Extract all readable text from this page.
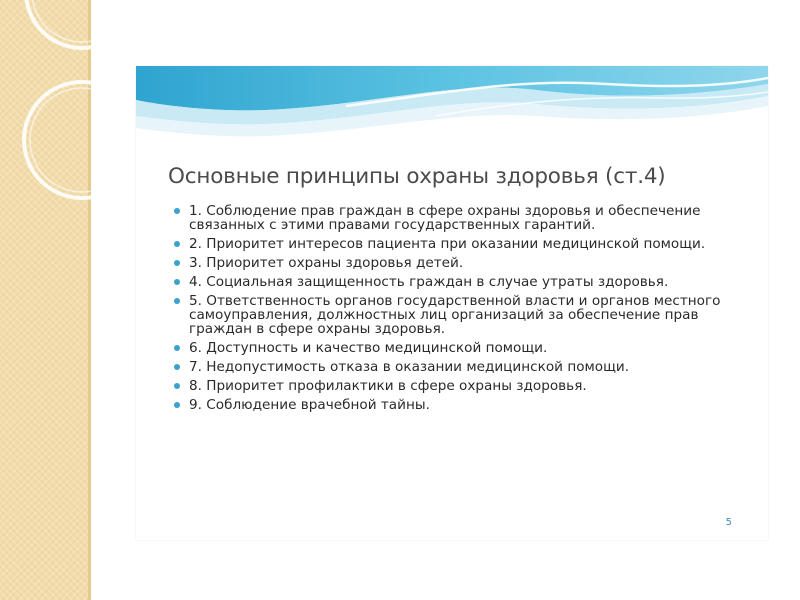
Основные принципы охраны здоровья (ст.4)
1. Соблюдение прав граждан в сфере охраны здоровья и обеспечение связанных с этими правами государственных гарантий.
2. Приоритет интересов пациента при оказании медицинской помощи.
3. Приоритет охраны здоровья детей.
4. Социальная защищенность граждан в случае утраты здоровья.
5. Ответственность органов государственной власти и органов местного самоуправления, должностных лиц организаций за обеспечение прав граждан в сфере охраны здоровья.
6. Доступность и качество медицинской помощи.
7. Недопустимость отказа в оказании медицинской помощи.
8. Приоритет профилактики в сфере охраны здоровья.
9. Соблюдение врачебной тайны.
5
